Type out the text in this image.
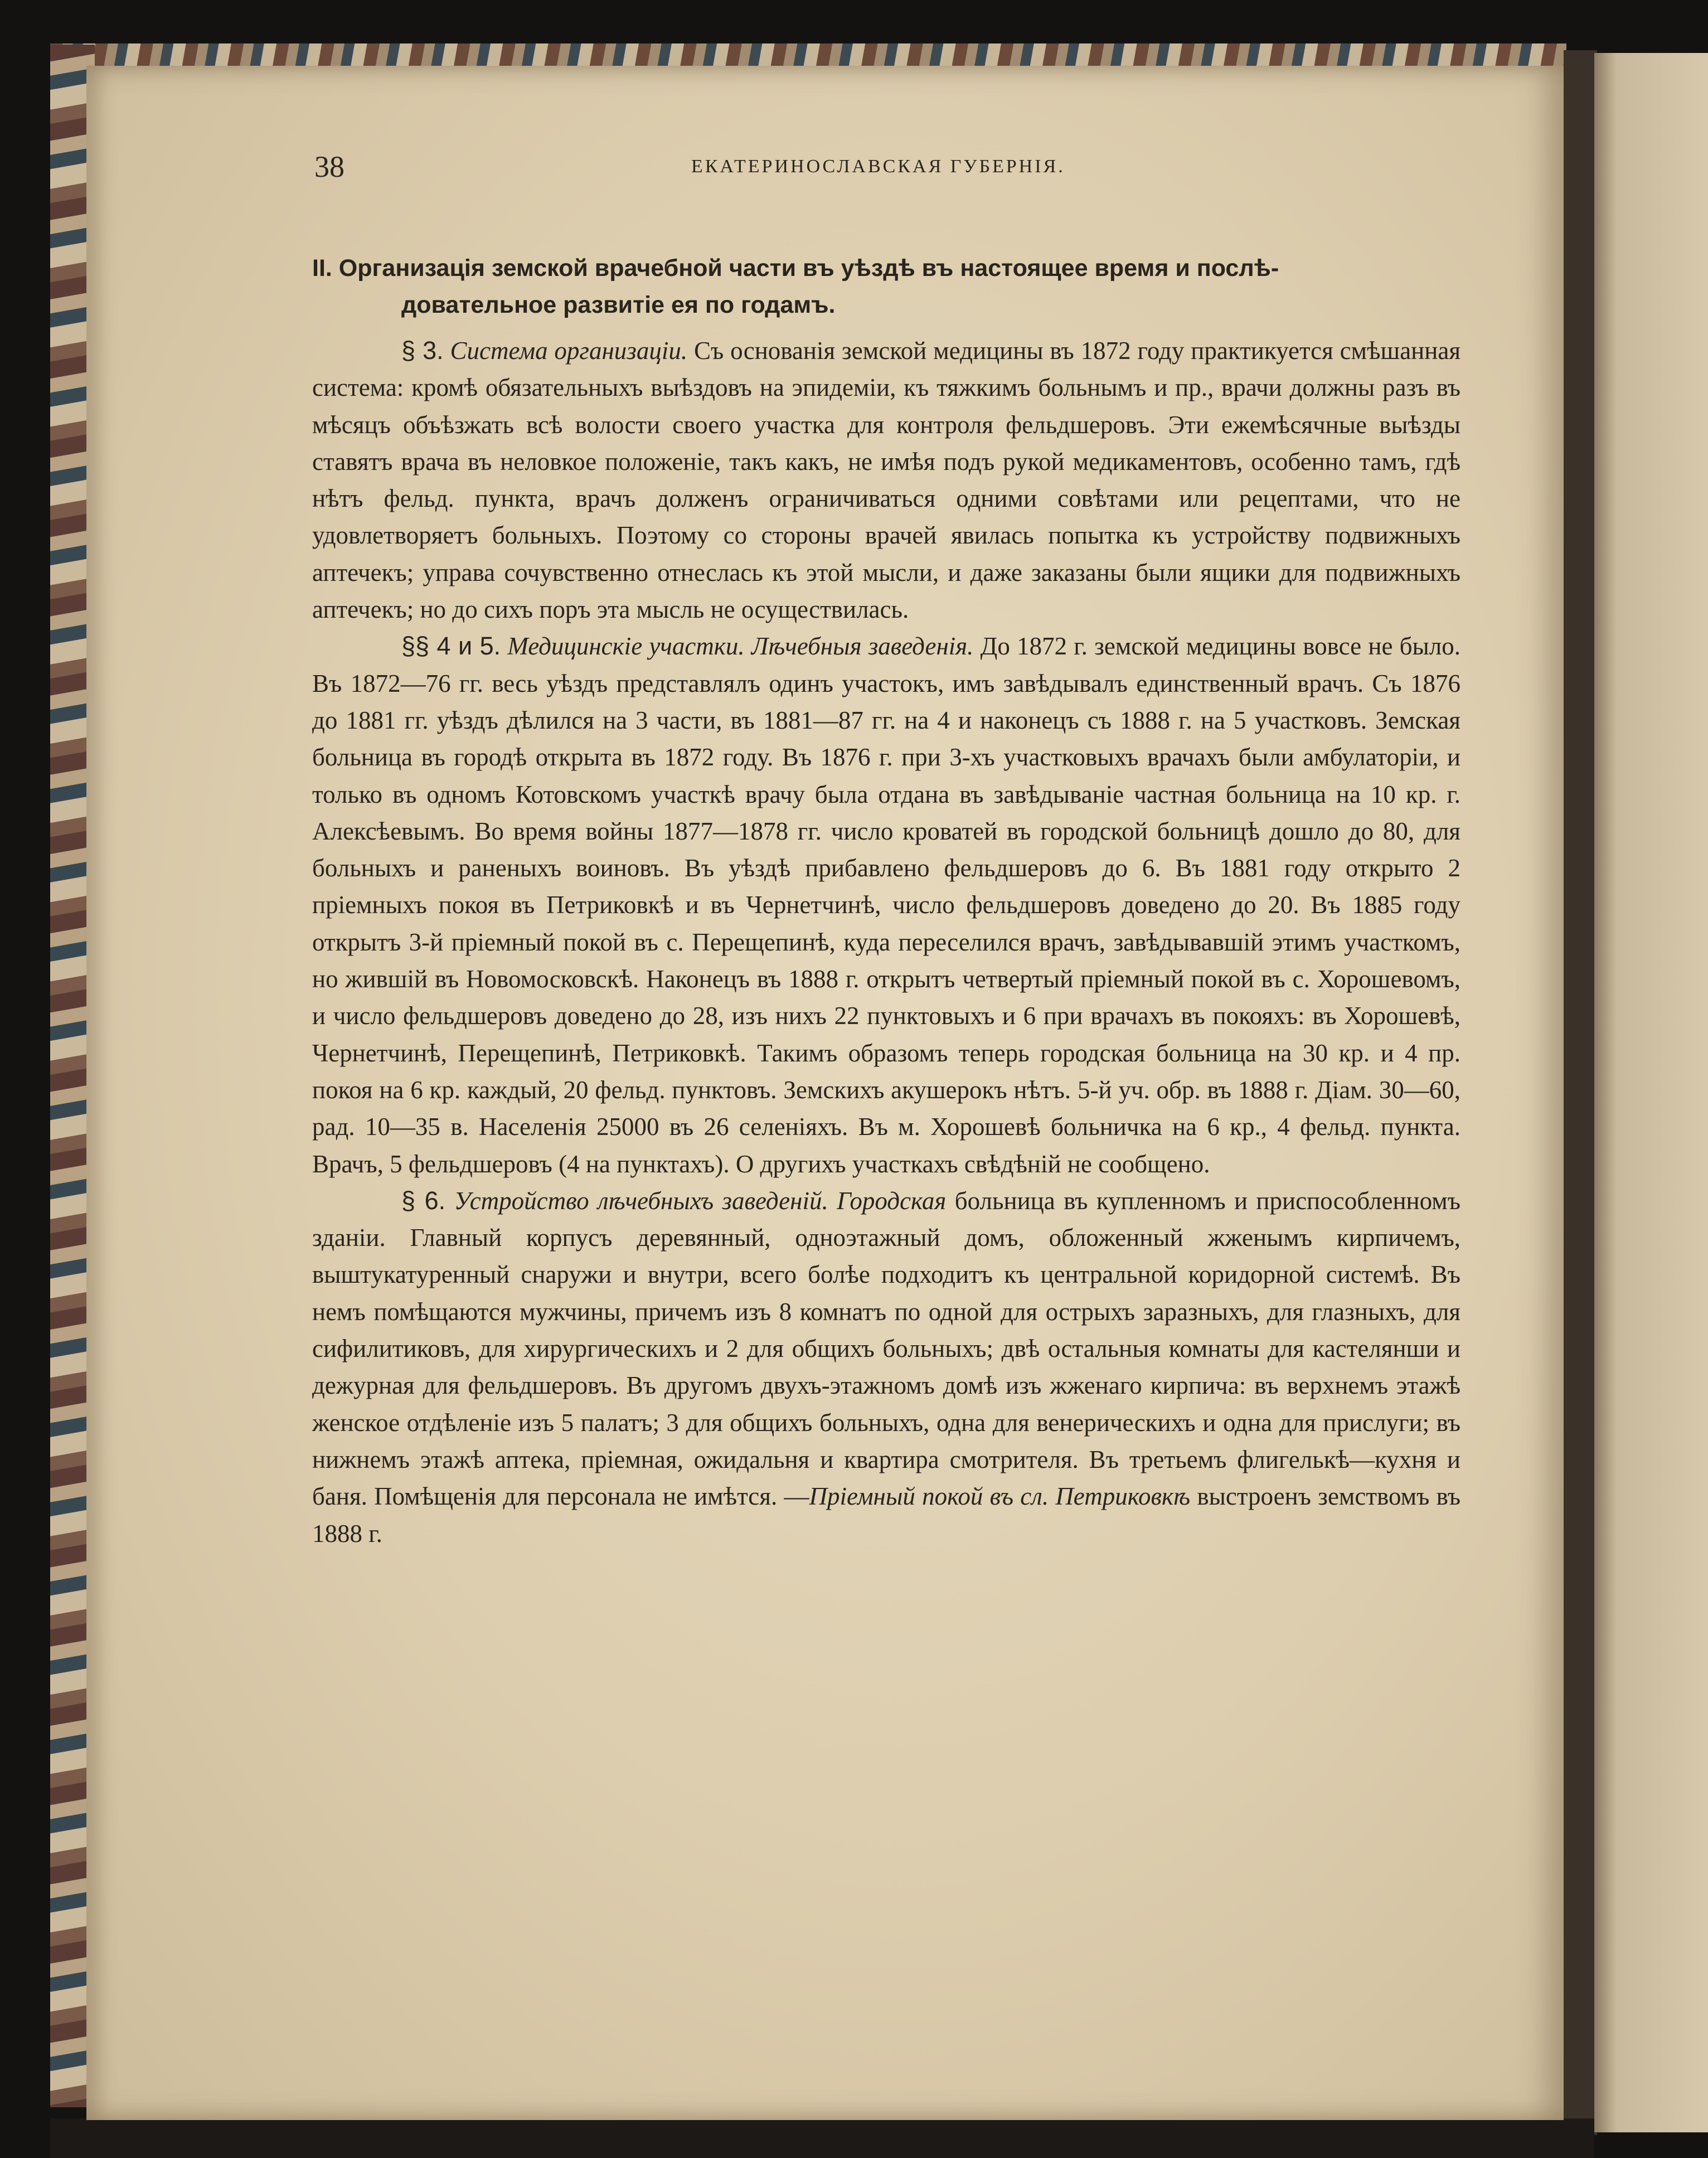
38	ЕКАТЕРИНОСЛАВСКАЯ ГУБЕРНІЯ.
II. Организація земской врачебной части въ уѣздѣ въ настоящее время и послѣ-
довательное развитіе ея по годамъ.

§ 3. Система организаціи. Съ основанія земской медицины въ 1872 году практикуется смѣшанная система: кромѣ обязательныхъ выѣздовъ на эпидеміи, къ тяжкимъ больнымъ и пр., врачи должны разъ въ мѣсяцъ объѣзжать всѣ волости своего участка для контроля фельдшеровъ. Эти ежемѣсячные выѣзды ставятъ врача въ неловкое положеніе, такъ какъ, не имѣя подъ рукой медикаментовъ, особенно тамъ, гдѣ нѣтъ фельд. пункта, врачъ долженъ ограничиваться одними совѣтами или рецептами, что не удовлетворяетъ больныхъ. Поэтому со стороны врачей явилась попытка къ устройству подвижныхъ аптечекъ; управа сочувственно отнеслась къ этой мысли, и даже заказаны были ящики для подвижныхъ аптечекъ; но до сихъ поръ эта мысль не осуществилась.

§§ 4 и 5. Медицинскіе участки. Лѣчебныя заведенія. До 1872 г. земской медицины вовсе не было. Въ 1872—76 гг. весь уѣздъ представлялъ одинъ участокъ, имъ завѣдывалъ единственный врачъ. Съ 1876 до 1881 гг. уѣздъ дѣлился на 3 части, въ 1881—87 гг. на 4 и наконецъ съ 1888 г. на 5 участковъ. Земская больница въ городѣ открыта въ 1872 году. Въ 1876 г. при 3-хъ участковыхъ врачахъ были амбулаторіи, и только въ одномъ Котовскомъ участкѣ врачу была отдана въ завѣдываніе частная больница на 10 кр. г. Алексѣевымъ. Во время войны 1877—1878 гг. число кроватей въ городской больницѣ дошло до 80, для больныхъ и раненыхъ воиновъ. Въ уѣздѣ прибавлено фельдшеровъ до 6. Въ 1881 году открыто 2 пріемныхъ покоя въ Петриковкѣ и въ Чернетчинѣ, число фельдшеровъ доведено до 20. Въ 1885 году открытъ 3-й пріемный покой въ с. Перещепинѣ, куда переселился врачъ, завѣдывавшій этимъ участкомъ, но жившій въ Новомосковскѣ. Наконецъ въ 1888 г. открытъ четвертый пріемный покой въ с. Хорошевомъ, и число фельдшеровъ доведено до 28, изъ нихъ 22 пунктовыхъ и 6 при врачахъ въ покояхъ: въ Хорошевѣ, Чернетчинѣ, Перещепинѣ, Петриковкѣ. Такимъ образомъ теперь городская больница на 30 кр. и 4 пр. покоя на 6 кр. каждый, 20 фельд. пунктовъ. Земскихъ акушерокъ нѣтъ. 5-й уч. обр. въ 1888 г. Діам. 30—60, рад. 10—35 в. Населенія 25000 въ 26 селеніяхъ. Въ м. Хорошевѣ больничка на 6 кр., 4 фельд. пункта. Врачъ, 5 фельдшеровъ (4 на пунктахъ). О другихъ участкахъ свѣдѣній не сообщено.

§ 6. Устройство лѣчебныхъ заведеній. Городская больница въ купленномъ и приспособленномъ зданіи. Главный корпусъ деревянный, одноэтажный домъ, обложенный жженымъ кирпичемъ, выштукатуренный снаружи и внутри, всего болѣе подходитъ къ центральной коридорной системѣ. Въ немъ помѣщаются мужчины, причемъ изъ 8 комнатъ по одной для острыхъ заразныхъ, для глазныхъ, для сифилитиковъ, для хирургическихъ и 2 для общихъ больныхъ; двѣ остальныя комнаты для кастелянши и дежурная для фельдшеровъ. Въ другомъ двухъ-этажномъ домѣ изъ жженаго кирпича: въ верхнемъ этажѣ женское отдѣленіе изъ 5 палатъ; 3 для общихъ больныхъ, одна для венерическихъ и одна для прислуги; въ нижнемъ этажѣ аптека, пріемная, ожидальня и квартира смотрителя. Въ третьемъ флигелькѣ—кухня и баня. Помѣщенія для персонала не имѣтся. —Пріемный покой въ сл. Петриковкѣ выстроенъ земствомъ въ 1888 г.
